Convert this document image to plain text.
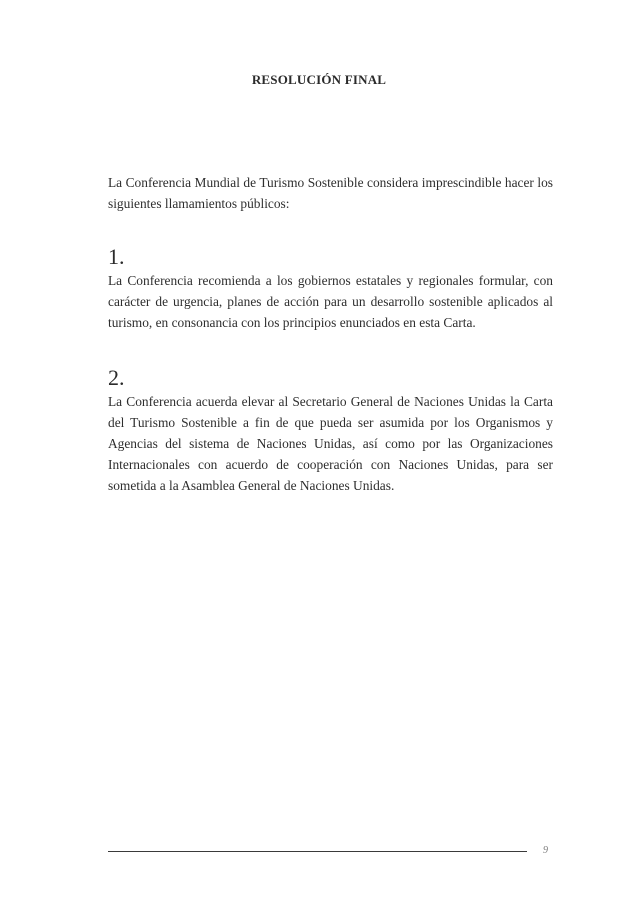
RESOLUCIÓN FINAL
La Conferencia Mundial de Turismo Sostenible considera imprescindible hacer los siguientes llamamientos públicos:
1.
La Conferencia recomienda a los gobiernos estatales y regionales formular, con carácter de urgencia, planes de acción para un desarrollo sostenible aplicados al turismo, en consonancia con los principios enunciados en esta Carta.
2.
La Conferencia acuerda elevar al Secretario General de Naciones Unidas la Carta del Turismo Sostenible a fin de que pueda ser asumida por los Organismos y Agencias del sistema de Naciones Unidas, así como por las Organizaciones Internacionales con acuerdo de cooperación con Naciones Unidas, para ser sometida a la Asamblea General de Naciones Unidas.
9
